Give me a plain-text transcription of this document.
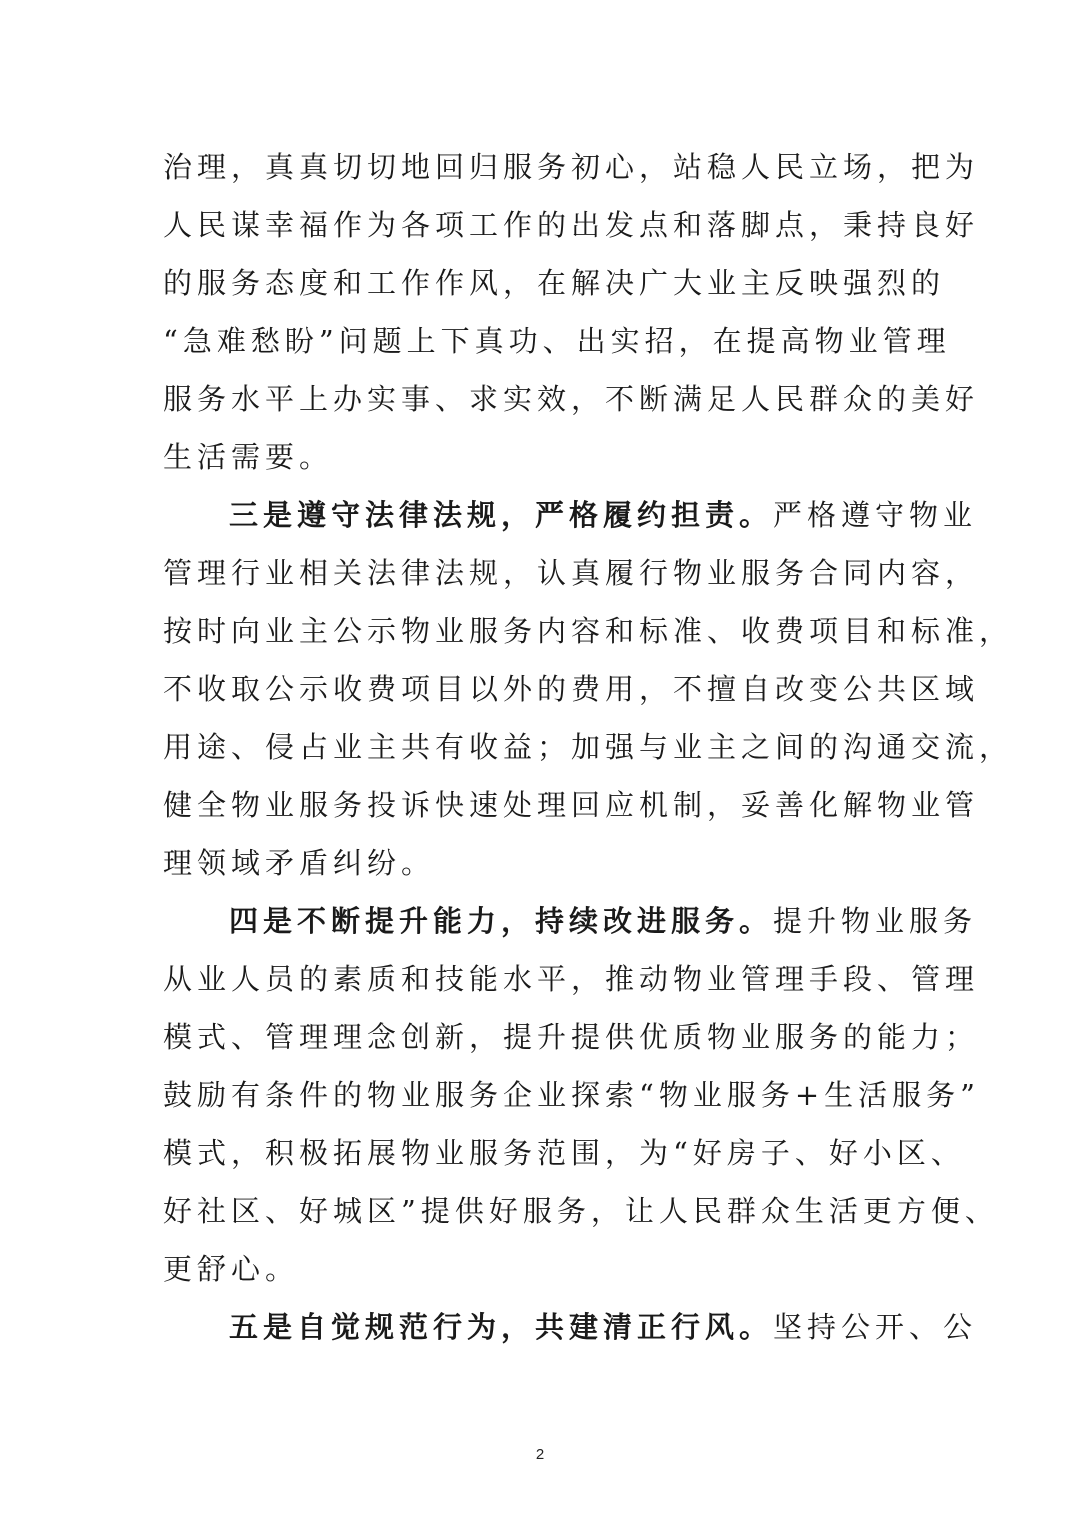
治理，真真切切地回归服务初心，站稳人民立场，把为
人民谋幸福作为各项工作的出发点和落脚点，秉持良好
的服务态度和工作作风，在解决广大业主反映强烈的
“急难愁盼”问题上下真功、出实招，在提高物业管理
服务水平上办实事、求实效，不断满足人民群众的美好
生活需要。
三是遵守法律法规，严格履约担责。严格遵守物业
管理行业相关法律法规，认真履行物业服务合同内容，
按时向业主公示物业服务内容和标准、收费项目和标准，
不收取公示收费项目以外的费用，不擅自改变公共区域
用途、侵占业主共有收益；加强与业主之间的沟通交流，
健全物业服务投诉快速处理回应机制，妥善化解物业管
理领域矛盾纠纷。
四是不断提升能力，持续改进服务。提升物业服务
从业人员的素质和技能水平，推动物业管理手段、管理
模式、管理理念创新，提升提供优质物业服务的能力；
鼓励有条件的物业服务企业探索“物业服务+生活服务”
模式，积极拓展物业服务范围，为“好房子、好小区、
好社区、好城区”提供好服务，让人民群众生活更方便、
更舒心。
五是自觉规范行为，共建清正行风。坚持公开、公
2
